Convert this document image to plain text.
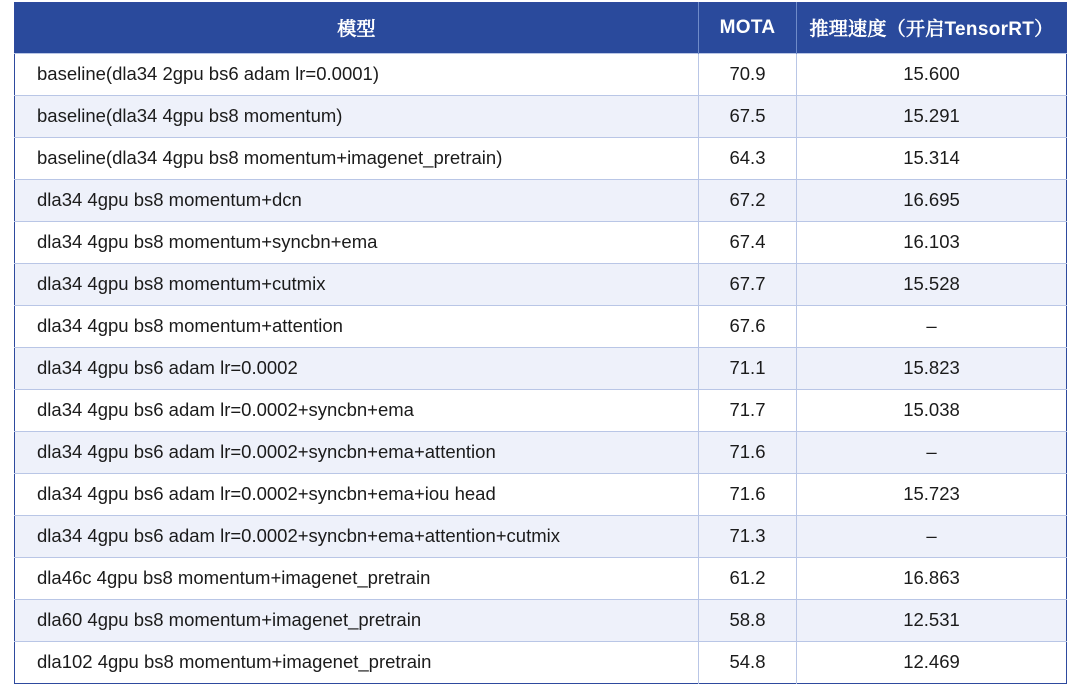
模型	MOTA	推理速度（开启TensorRT）
baseline(dla34 2gpu bs6 adam lr=0.0001)	70.9	15.600
baseline(dla34 4gpu bs8 momentum)	67.5	15.291
baseline(dla34 4gpu bs8 momentum+imagenet_pretrain)	64.3	15.314
dla34 4gpu bs8 momentum+dcn	67.2	16.695
dla34 4gpu bs8 momentum+syncbn+ema	67.4	16.103
dla34 4gpu bs8 momentum+cutmix	67.7	15.528
dla34 4gpu bs8 momentum+attention	67.6	–
dla34 4gpu bs6 adam lr=0.0002	71.1	15.823
dla34 4gpu bs6 adam lr=0.0002+syncbn+ema	71.7	15.038
dla34 4gpu bs6 adam lr=0.0002+syncbn+ema+attention	71.6	–
dla34 4gpu bs6 adam lr=0.0002+syncbn+ema+iou head	71.6	15.723
dla34 4gpu bs6 adam lr=0.0002+syncbn+ema+attention+cutmix	71.3	–
dla46c 4gpu bs8 momentum+imagenet_pretrain	61.2	16.863
dla60 4gpu bs8 momentum+imagenet_pretrain	58.8	12.531
dla102 4gpu bs8 momentum+imagenet_pretrain	54.8	12.469
